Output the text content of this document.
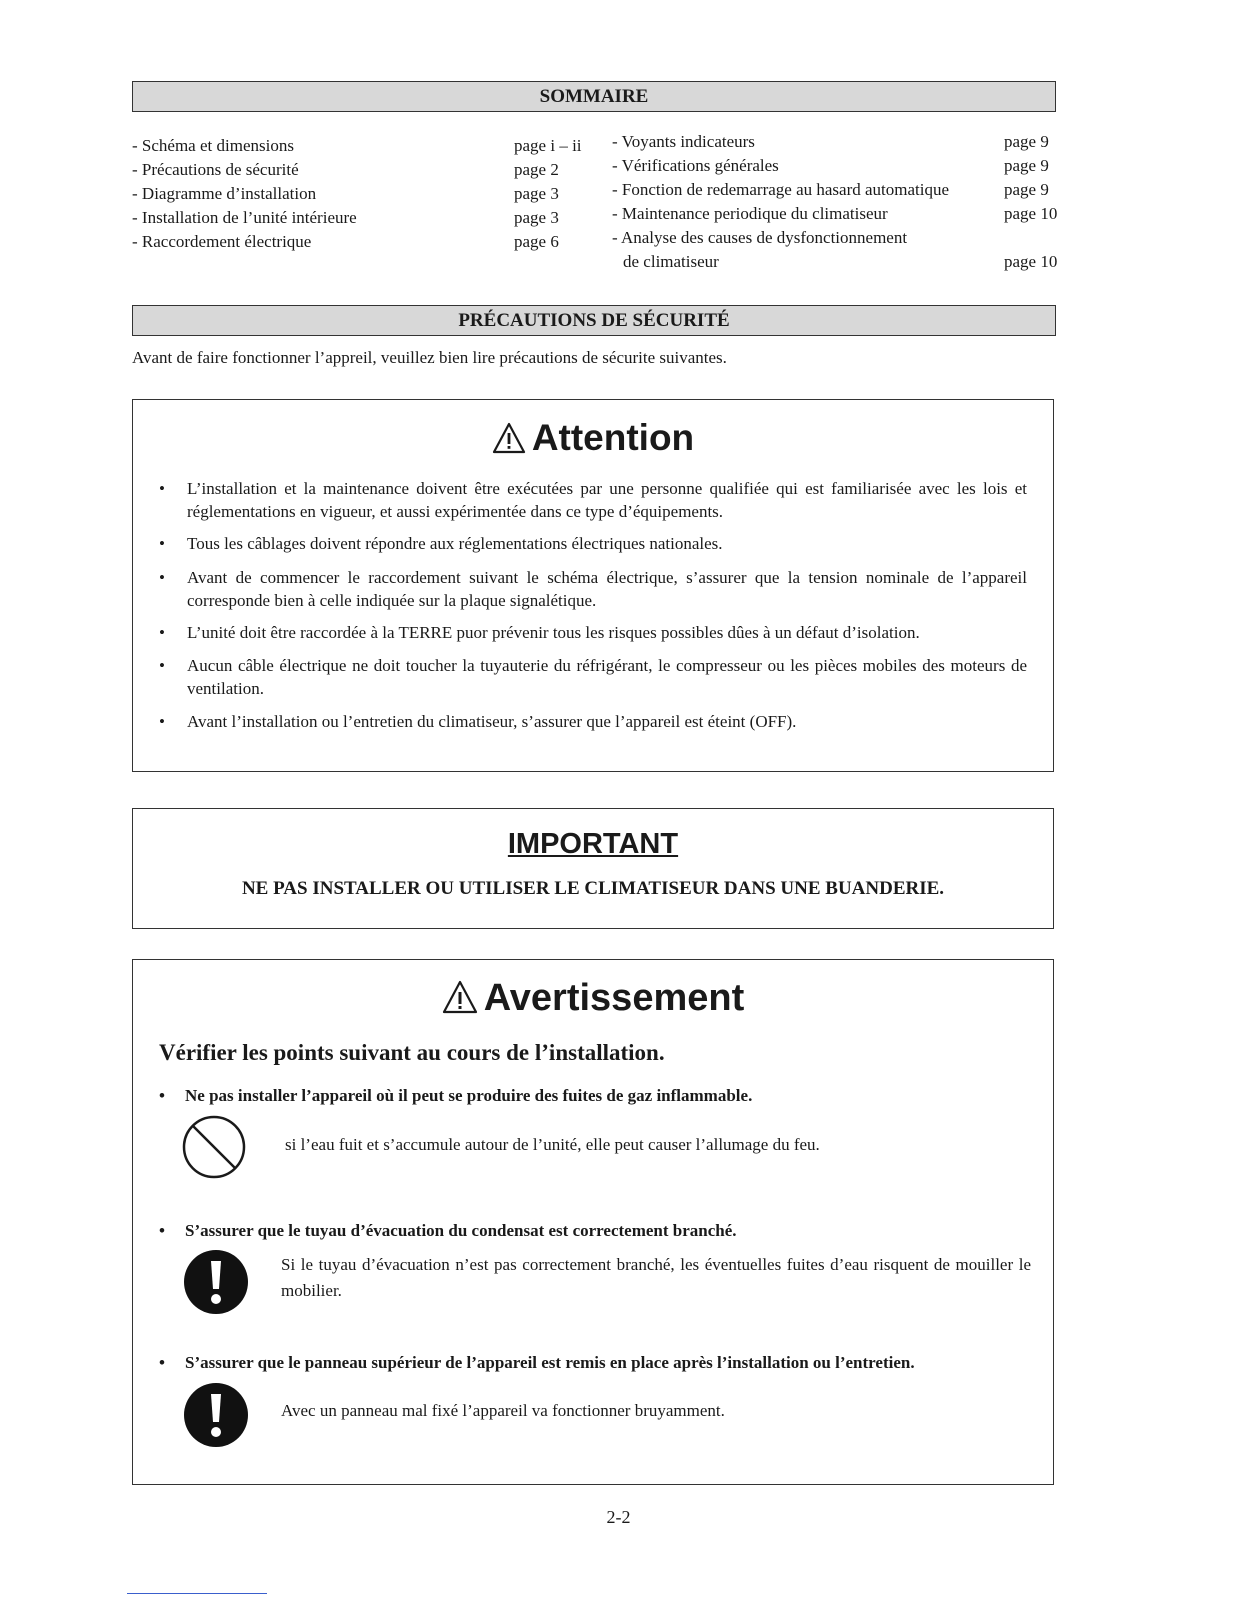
SOMMAIRE
- Schéma et dimensions	page i – ii
- Précautions de sécurité	page 2
- Diagramme d’installation	page 3
- Installation de l’unité intérieure	page 3
- Raccordement électrique	page 6
- Voyants indicateurs	page 9
- Vérifications générales	page 9
- Fonction de redemarrage au hasard automatique	page 9
- Maintenance periodique du climatiseur	page 10
- Analyse des causes de dysfonctionnement
de climatiseur	page 10
PRÉCAUTIONS DE SÉCURITÉ
Avant de faire fonctionner l’appreil, veuillez bien lire précautions de sécurite suivantes.
Attention
• L’installation et la maintenance doivent être exécutées par une personne qualifiée qui est familiarisée avec les lois et réglementations en vigueur, et aussi expérimentée dans ce type d’équipements.
• Tous les câblages doivent répondre aux réglementations électriques nationales.
• Avant de commencer le raccordement suivant le schéma électrique, s’assurer que la tension nominale de l’appareil corresponde bien à celle indiquée sur la plaque signalétique.
• L’unité doit être raccordée à la TERRE puor prévenir tous les risques possibles dûes à un défaut d’isolation.
• Aucun câble électrique ne doit toucher la tuyauterie du réfrigérant, le compresseur ou les pièces mobiles des moteurs de ventilation.
• Avant l’installation ou l’entretien du climatiseur, s’assurer que l’appareil est éteint (OFF).
IMPORTANT
NE PAS INSTALLER OU UTILISER LE CLIMATISEUR DANS UNE BUANDERIE.
Avertissement
Vérifier les points suivant au cours de l’installation.
• Ne pas installer l’appareil où il peut se produire des fuites de gaz inflammable.
si l’eau fuit et s’accumule autour de l’unité, elle peut causer l’allumage du feu.
• S’assurer que le tuyau d’évacuation du condensat est correctement branché.
Si le tuyau d’évacuation n’est pas correctement branché, les éventuelles fuites d’eau risquent de mouiller le mobilier.
• S’assurer que le panneau supérieur de l’appareil est remis en place après l’installation ou l’entretien.
Avec un panneau mal fixé l’appareil va fonctionner bruyamment.
2-2
